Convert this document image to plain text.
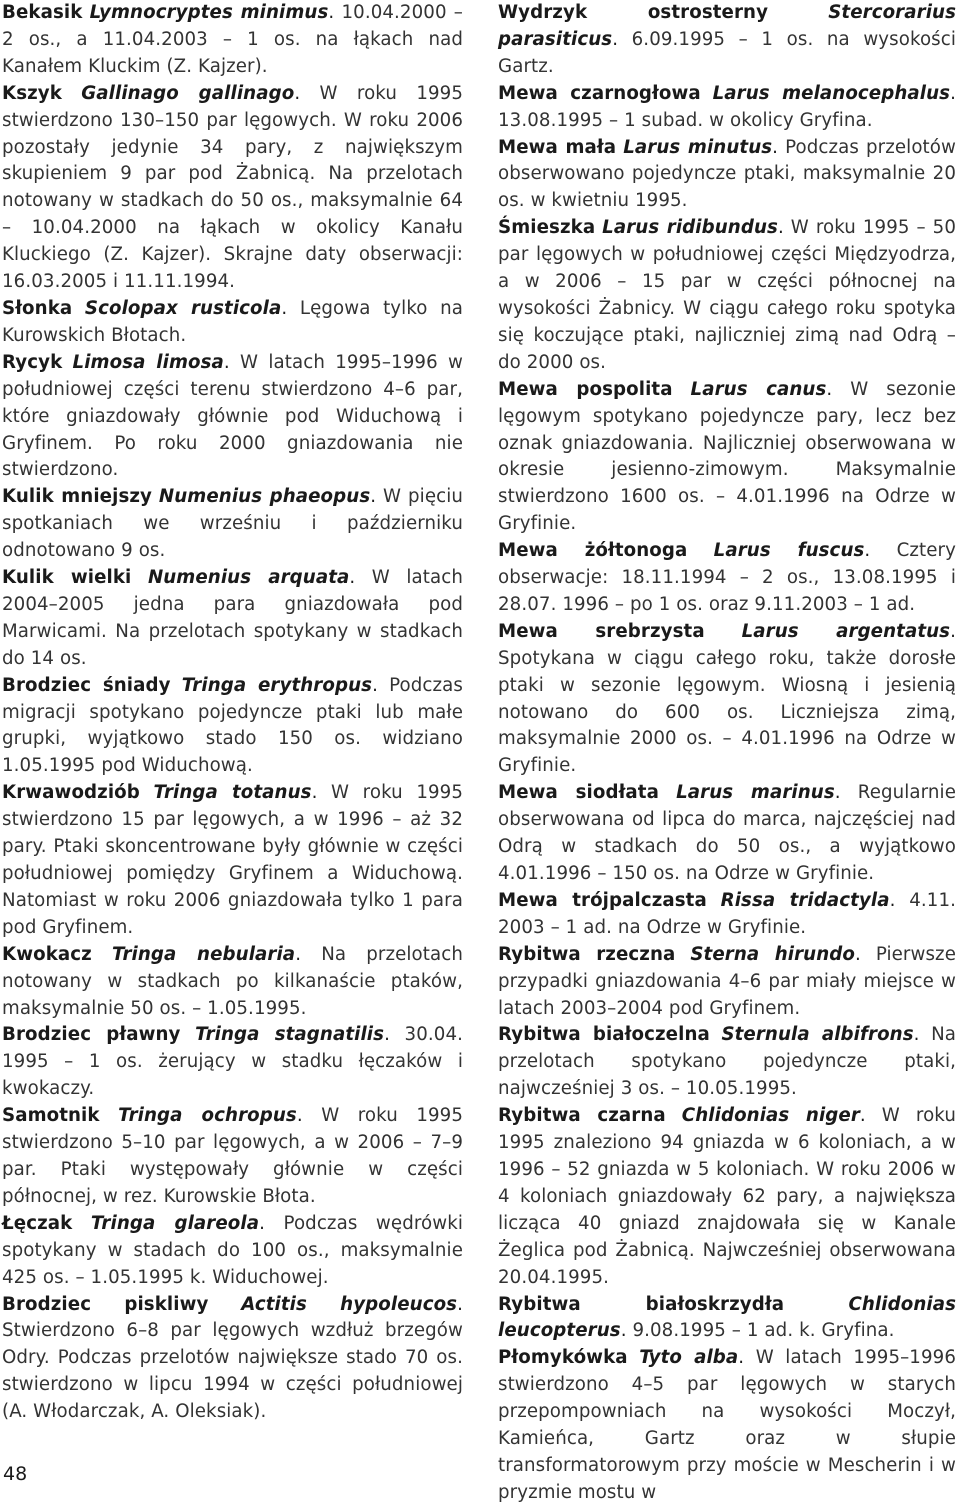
Bekasik Lymnocryptes minimus. 10.04.2000 – 2 os., a 11.04.2003 – 1 os. na łąkach nad Kanałem Kluckim (Z. Kajzer).

Kszyk Gallinago gallinago. W roku 1995 stwierdzono 130–150 par lęgowych. W roku 2006 pozostały jedynie 34 pary, z największym skupieniem 9 par pod Żabnicą. Na przelotach notowany w stadkach do 50 os., maksymalnie 64 – 10.04.2000 na łąkach w okolicy Kanału Kluckiego (Z. Kajzer). Skrajne daty obserwacji: 16.03.2005 i 11.11.1994.

Słonka Scolopax rusticola. Lęgowa tylko na Kurowskich Błotach.

Rycyk Limosa limosa. W latach 1995–1996 w południowej części terenu stwierdzono 4–6 par, które gniazdowały głównie pod Widuchową i Gryfinem. Po roku 2000 gniazdowania nie stwierdzono.

Kulik mniejszy Numenius phaeopus. W pięciu spotkaniach we wrześniu i październiku odnotowano 9 os.

Kulik wielki Numenius arquata. W latach 2004–2005 jedna para gniazdowała pod Marwicami. Na przelotach spotykany w stadkach do 14 os.

Brodziec śniady Tringa erythropus. Podczas migracji spotykano pojedyncze ptaki lub małe grupki, wyjątkowo stado 150 os. widziano 1.05.1995 pod Widuchową.

Krwawodziób Tringa totanus. W roku 1995 stwierdzono 15 par lęgowych, a w 1996 – aż 32 pary. Ptaki skoncentrowane były głównie w części południowej pomiędzy Gryfinem a Widuchową. Natomiast w roku 2006 gniazdowała tylko 1 para pod Gryfinem.

Kwokacz Tringa nebularia. Na przelotach notowany w stadkach po kilkanaście ptaków, maksymalnie 50 os. – 1.05.1995.

Brodziec pławny Tringa stagnatilis. 30.04. 1995 – 1 os. żerujący w stadku łęczaków i kwokaczy.

Samotnik Tringa ochropus. W roku 1995 stwierdzono 5–10 par lęgowych, a w 2006 – 7–9 par. Ptaki występowały głównie w części północnej, w rez. Kurowskie Błota.

Łęczak Tringa glareola. Podczas wędrówki spotykany w stadach do 100 os., maksymalnie 425 os. – 1.05.1995 k. Widuchowej.

Brodziec piskliwy Actitis hypoleucos. Stwierdzono 6–8 par lęgowych wzdłuż brzegów Odry. Podczas przelotów największe stado 70 os. stwierdzono w lipcu 1994 w części południowej (A. Włodarczak, A. Oleksiak).

Wydrzyk ostrosterny	Stercorarius parasiticus. 6.09.1995 – 1 os. na wysokości Gartz.

Mewa czarnogłowa Larus melanocephalus. 13.08.1995 – 1 subad. w okolicy Gryfina.

Mewa mała Larus minutus. Podczas przelotów obserwowano pojedyncze ptaki, maksymalnie 20 os. w kwietniu 1995.

Śmieszka Larus ridibundus. W roku 1995 – 50 par lęgowych w południowej części Międzyodrza, a w 2006 – 15 par w części północnej na wysokości Żabnicy. W ciągu całego roku spotyka się koczujące ptaki, najliczniej zimą nad Odrą – do 2000 os.

Mewa pospolita Larus canus. W sezonie lęgowym spotykano pojedyncze pary, lecz bez oznak gniazdowania. Najliczniej obserwowana w okresie jesienno-zimowym. Maksymalnie stwierdzono 1600 os. – 4.01.1996 na Odrze w Gryfinie.

Mewa żółtonoga Larus fuscus. Cztery obserwacje: 18.11.1994 – 2 os., 13.08.1995 i 28.07. 1996 – po 1 os. oraz 9.11.2003 – 1 ad.

Mewa srebrzysta Larus argentatus. Spotykana w ciągu całego roku, także dorosłe ptaki w sezonie lęgowym. Wiosną i jesienią notowano do 600 os. Liczniejsza zimą, maksymalnie 2000 os. – 4.01.1996 na Odrze w Gryfinie.

Mewa siodłata Larus marinus. Regularnie obserwowana od lipca do marca, najczęściej nad Odrą w stadkach do 50 os., a wyjątkowo 4.01.1996 – 150 os. na Odrze w Gryfinie.

Mewa trójpalczasta Rissa tridactyla. 4.11. 2003 – 1 ad. na Odrze w Gryfinie.

Rybitwa rzeczna Sterna hirundo. Pierwsze przypadki gniazdowania 4–6 par miały miejsce w latach 2003–2004 pod Gryfinem.

Rybitwa białoczelna Sternula albifrons. Na przelotach spotykano pojedyncze ptaki, najwcześniej 3 os. – 10.05.1995.

Rybitwa czarna Chlidonias niger. W roku 1995 znaleziono 94 gniazda w 6 koloniach, a w 1996 – 52 gniazda w 5 koloniach. W roku 2006 w 4 koloniach gniazdowały 62 pary, a największa licząca 40 gniazd znajdowała się w Kanale Żeglica pod Żabnicą. Najwcześniej obserwowana 20.04.1995.

Rybitwa białoskrzydła	Chlidonias leucopterus. 9.08.1995 – 1 ad. k. Gryfina.

Płomykówka Tyto alba. W latach 1995–1996 stwierdzono 4–5 par lęgowych w starych przepompowniach na wysokości Moczył, Kamieńca, Gartz oraz w słupie transformatorowym przy moście w Mescherin i w pryzmie mostu w

48
